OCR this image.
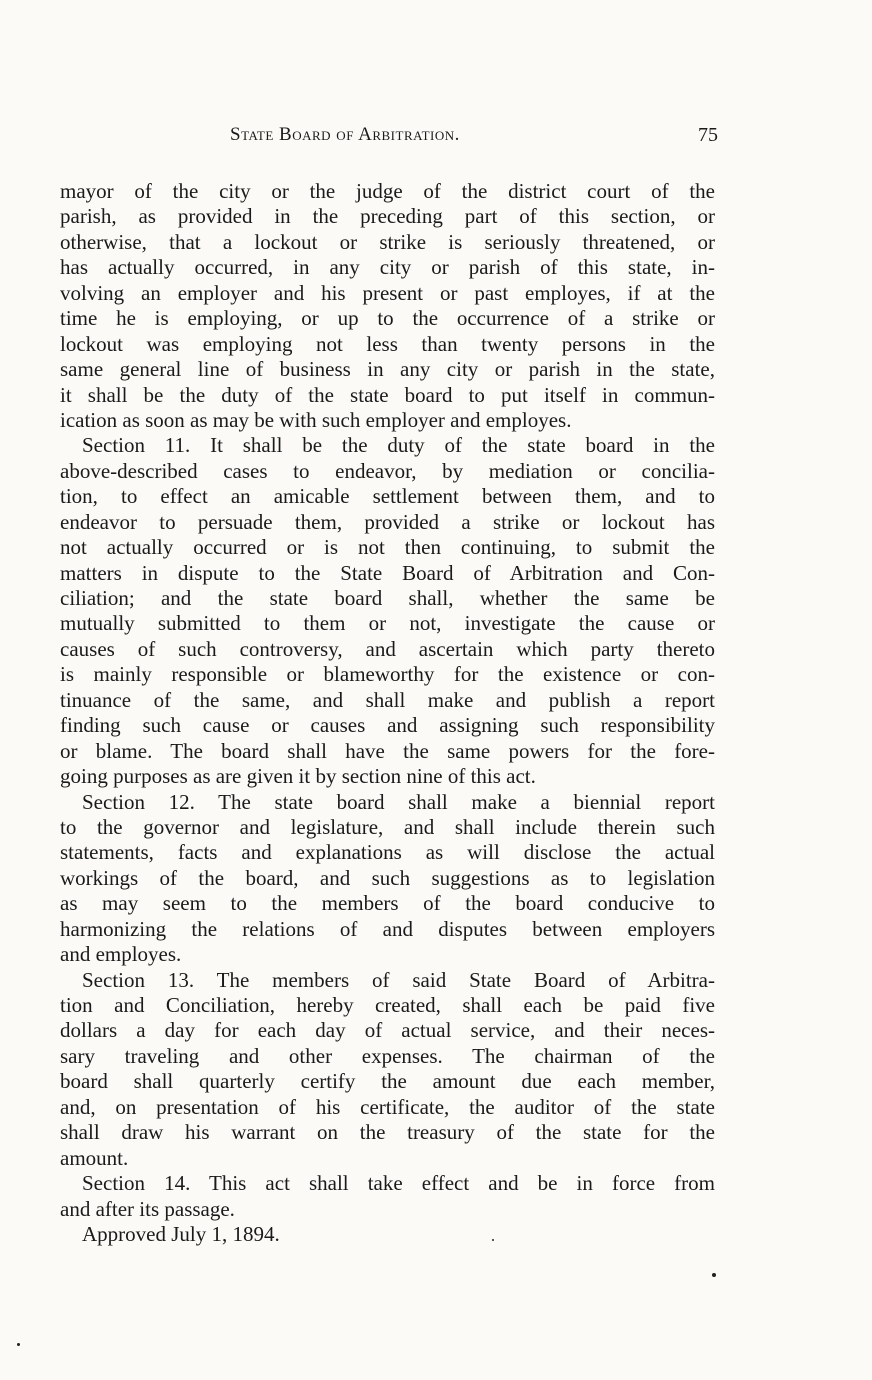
State Board of Arbitration.	75
mayor of the city or the judge of the district court of the
parish, as provided in the preceding part of this section, or
otherwise, that a lockout or strike is seriously threatened, or
has actually occurred, in any city or parish of this state, in-
volving an employer and his present or past employes, if at the
time he is employing, or up to the occurrence of a strike or
lockout was employing not less than twenty persons in the
same general line of business in any city or parish in the state,
it shall be the duty of the state board to put itself in commun-
ication as soon as may be with such employer and employes.
Section 11. It shall be the duty of the state board in the
above-described cases to endeavor, by mediation or concilia-
tion, to effect an amicable settlement between them, and to
endeavor to persuade them, provided a strike or lockout has
not actually occurred or is not then continuing, to submit the
matters in dispute to the State Board of Arbitration and Con-
ciliation; and the state board shall, whether the same be
mutually submitted to them or not, investigate the cause or
causes of such controversy, and ascertain which party thereto
is mainly responsible or blameworthy for the existence or con-
tinuance of the same, and shall make and publish a report
finding such cause or causes and assigning such responsibility
or blame. The board shall have the same powers for the fore-
going purposes as are given it by section nine of this act.
Section 12. The state board shall make a biennial report
to the governor and legislature, and shall include therein such
statements, facts and explanations as will disclose the actual
workings of the board, and such suggestions as to legislation
as may seem to the members of the board conducive to
harmonizing the relations of and disputes between employers
and employes.
Section 13. The members of said State Board of Arbitra-
tion and Conciliation, hereby created, shall each be paid five
dollars a day for each day of actual service, and their neces-
sary traveling and other expenses. The chairman of the
board shall quarterly certify the amount due each member,
and, on presentation of his certificate, the auditor of the state
shall draw his warrant on the treasury of the state for the
amount.
Section 14. This act shall take effect and be in force from
and after its passage.
Approved July 1, 1894.
